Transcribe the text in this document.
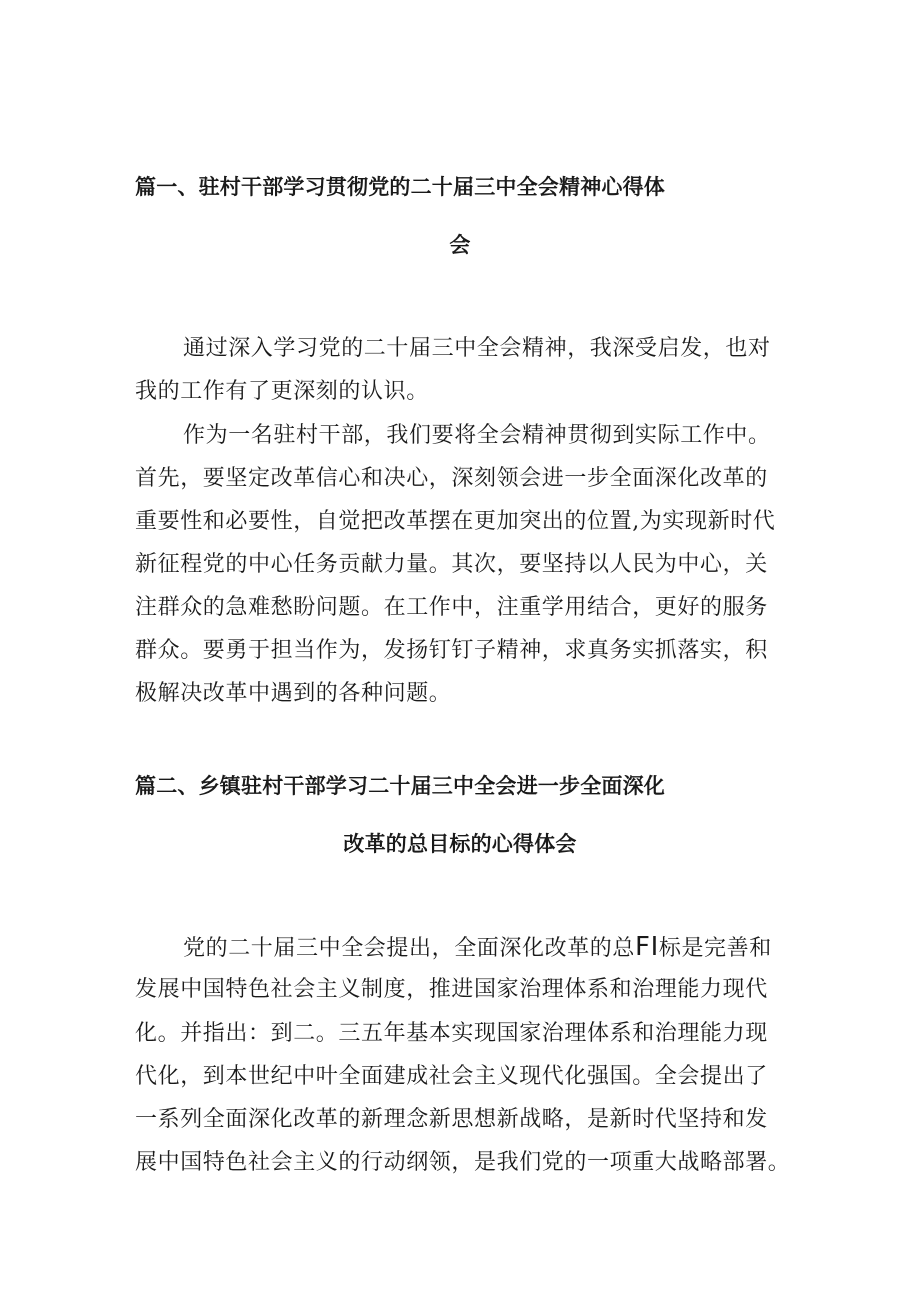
篇一、驻村干部学习贯彻党的二十届三中全会精神心得体
会
通过深入学习党的二十届三中全会精神，我深受启发，也对
我的工作有了更深刻的认识。
作为一名驻村干部，我们要将全会精神贯彻到实际工作中。
首先，要坚定改革信心和决心，深刻领会进一步全面深化改革的
重要性和必要性，自觉把改革摆在更加突出的位置,为实现新时代
新征程党的中心任务贡献力量。其次，要坚持以人民为中心，关
注群众的急难愁盼问题。在工作中，注重学用结合，更好的服务
群众。要勇于担当作为，发扬钉钉子精神，求真务实抓落实，积
极解决改革中遇到的各种问题。
篇二、乡镇驻村干部学习二十届三中全会进一步全面深化
改革的总目标的心得体会
党的二十届三中全会提出，全面深化改革的总FI标是完善和
发展中国特色社会主义制度，推进国家治理体系和治理能力现代
化。并指出：到二。三五年基本实现国家治理体系和治理能力现
代化，到本世纪中叶全面建成社会主义现代化强国。全会提出了
一系列全面深化改革的新理念新思想新战略，是新时代坚持和发
展中国特色社会主义的行动纲领，是我们党的一项重大战略部署。
